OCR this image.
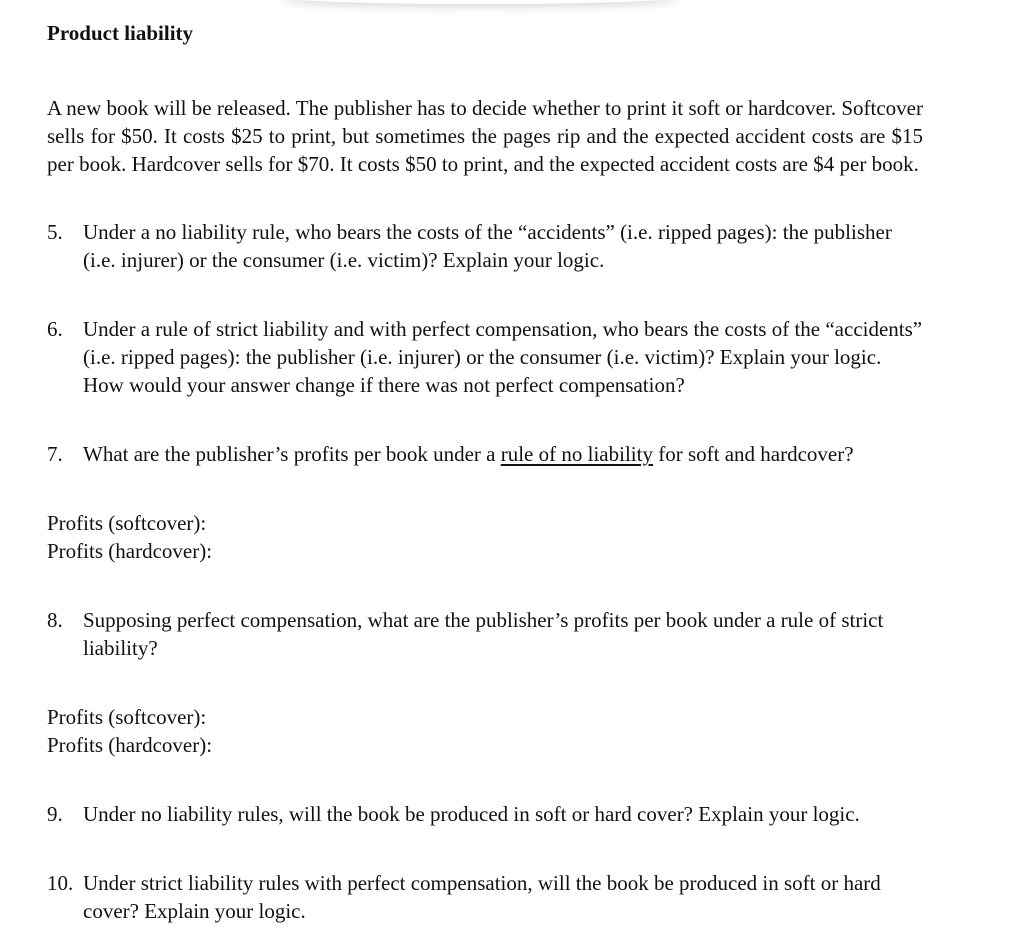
Product liability

A new book will be released. The publisher has to decide whether to print it soft or hardcover. Softcover sells for $50. It costs $25 to print, but sometimes the pages rip and the expected accident costs are $15 per book. Hardcover sells for $70. It costs $50 to print, and the expected accident costs are $4 per book.

5. Under a no liability rule, who bears the costs of the “accidents” (i.e. ripped pages): the publisher (i.e. injurer) or the consumer (i.e. victim)? Explain your logic.
6. Under a rule of strict liability and with perfect compensation, who bears the costs of the “accidents” (i.e. ripped pages): the publisher (i.e. injurer) or the consumer (i.e. victim)? Explain your logic. How would your answer change if there was not perfect compensation?
7. What are the publisher’s profits per book under a rule of no liability for soft and hardcover?
Profits (softcover):
Profits (hardcover):
8. Supposing perfect compensation, what are the publisher’s profits per book under a rule of strict liability?
Profits (softcover):
Profits (hardcover):
9. Under no liability rules, will the book be produced in soft or hard cover? Explain your logic.
10. Under strict liability rules with perfect compensation, will the book be produced in soft or hard cover? Explain your logic.
